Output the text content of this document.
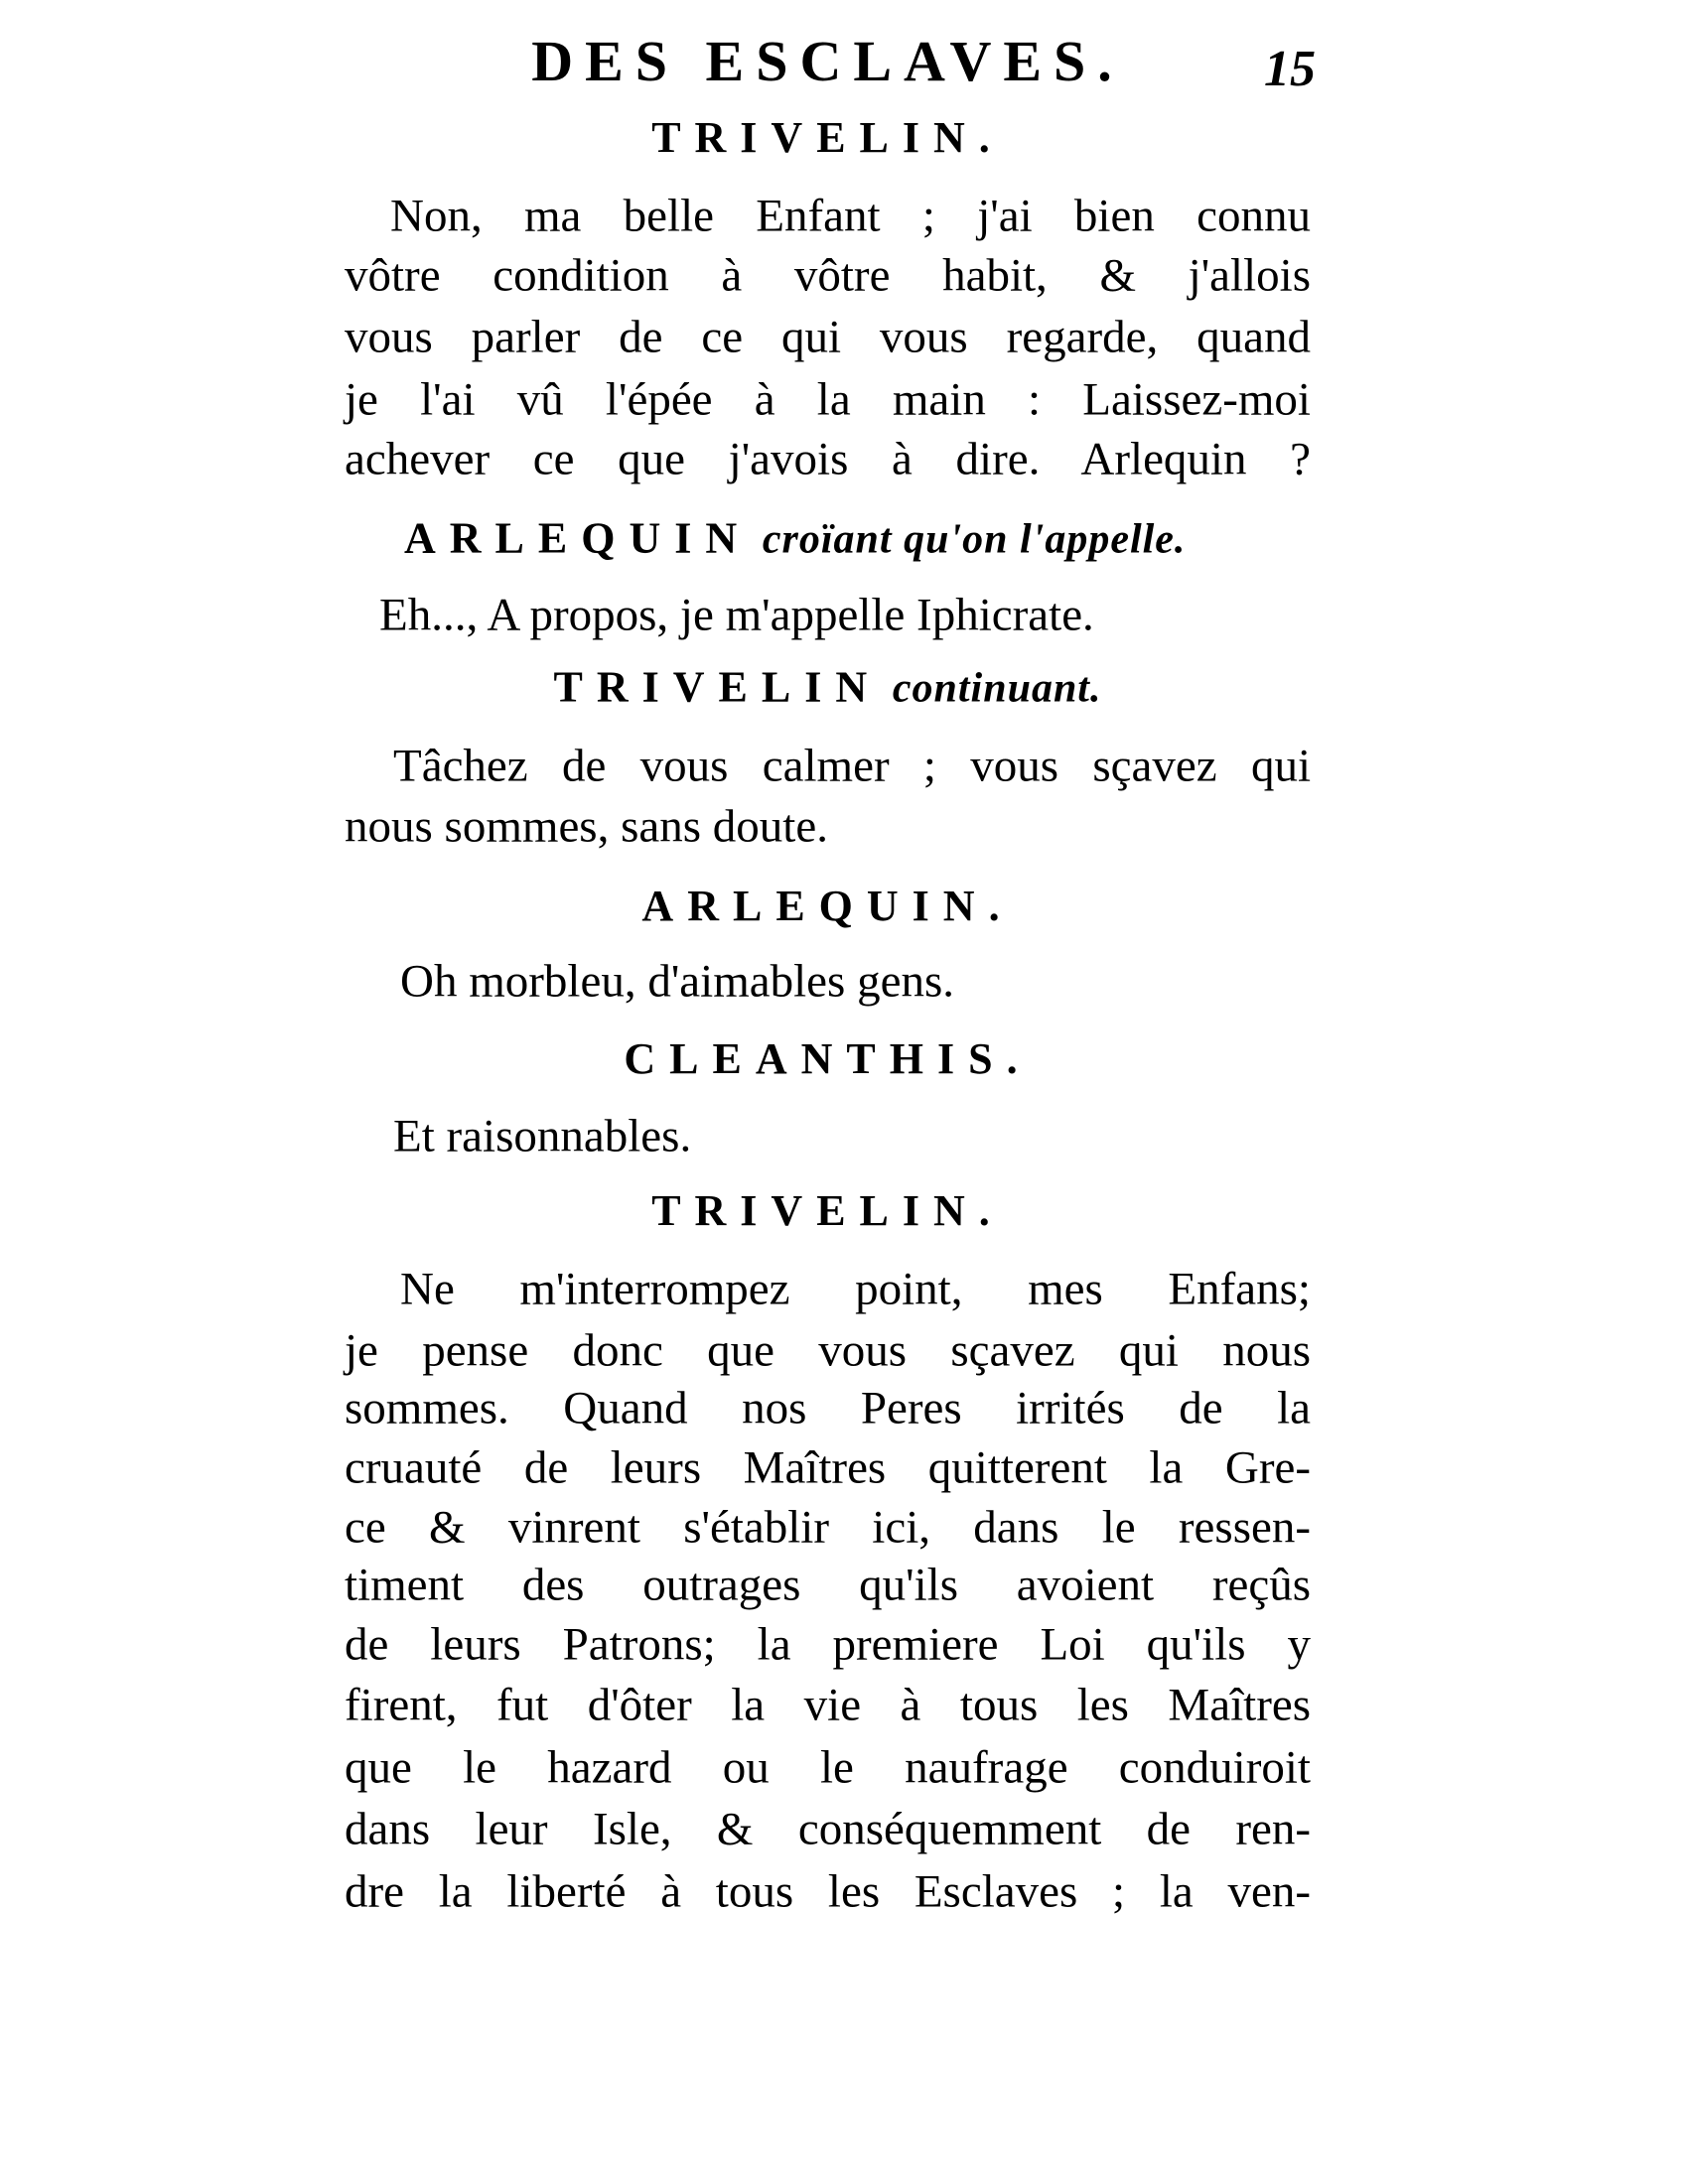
DES ESCLAVES.	15
TRIVELIN.
Non, ma belle Enfant ; j'ai bien connu
vôtre condition à vôtre habit, & j'allois
vous parler de ce qui vous regarde, quand
je l'ai vû l'épée à la main : Laissez-moi
achever ce que j'avois à dire. Arlequin ?
ARLEQUIN croïant qu'on l'appelle.
Eh..., A propos, je m'appelle Iphicrate.
TRIVELIN continuant.
Tâchez de vous calmer ; vous sçavez qui
nous sommes, sans doute.
ARLEQUIN.
Oh morbleu, d'aimables gens.
CLEANTHIS.
Et raisonnables.
TRIVELIN.
Ne m'interrompez point, mes Enfans;
je pense donc que vous sçavez qui nous
sommes. Quand nos Peres irrités de la
cruauté de leurs Maîtres quitterent la Gre-
ce & vinrent s'établir ici, dans le ressen-
timent des outrages qu'ils avoient reçûs
de leurs Patrons; la premiere Loi qu'ils y
firent, fut d'ôter la vie à tous les Maîtres
que le hazard ou le naufrage conduiroit
dans leur Isle, & conséquemment de ren-
dre la liberté à tous les Esclaves ; la ven-
